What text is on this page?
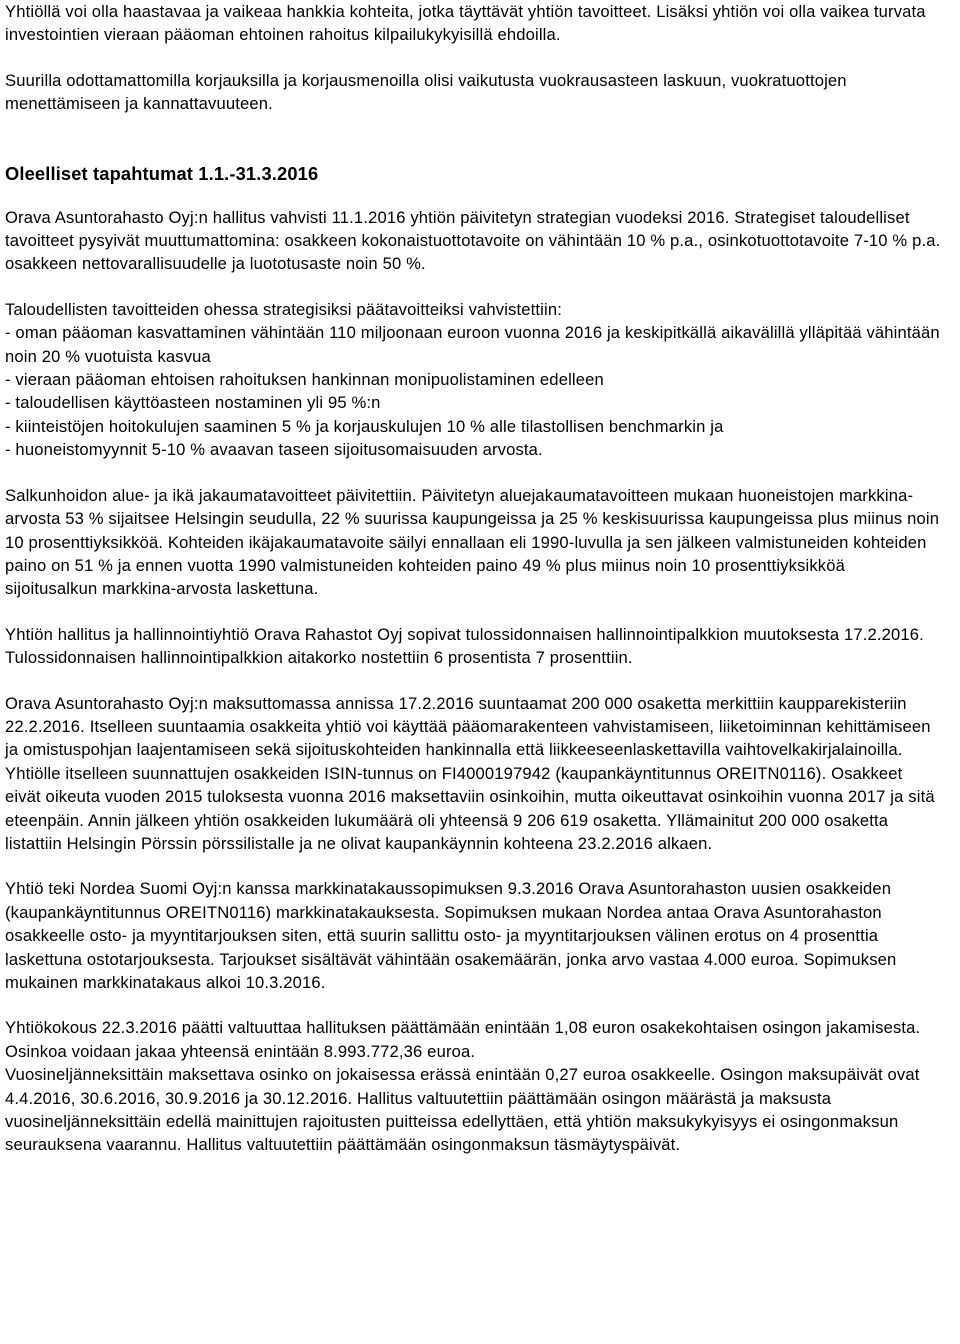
Yhtiöllä voi olla haastavaa ja vaikeaa hankkia kohteita, jotka täyttävät yhtiön tavoitteet. Lisäksi yhtiön voi olla vaikea turvata investointien vieraan pääoman ehtoinen rahoitus kilpailukykyisillä ehdoilla.

Suurilla odottamattomilla korjauksilla ja korjausmenoilla olisi vaikutusta vuokrausasteen laskuun, vuokratuottojen menettämiseen ja kannattavuuteen.

Oleelliset tapahtumat 1.1.-31.3.2016

Orava Asuntorahasto Oyj:n hallitus vahvisti 11.1.2016 yhtiön päivitetyn strategian vuodeksi 2016. Strategiset taloudelliset tavoitteet pysyivät muuttumattomina: osakkeen kokonaistuottotavoite on vähintään 10 % p.a., osinkotuottotavoite 7-10 % p.a. osakkeen nettovarallisuudelle ja luototusaste noin 50 %.

Taloudellisten tavoitteiden ohessa strategisiksi päätavoitteiksi vahvistettiin:
- oman pääoman kasvattaminen vähintään 110 miljoonaan euroon vuonna 2016 ja keskipitkällä aikavälillä ylläpitää vähintään noin 20 % vuotuista kasvua
- vieraan pääoman ehtoisen rahoituksen hankinnan monipuolistaminen edelleen
- taloudellisen käyttöasteen nostaminen yli 95 %:n
- kiinteistöjen hoitokulujen saaminen 5 % ja korjauskulujen 10 % alle tilastollisen benchmarkin ja
- huoneistomyynnit 5-10 % avaavan taseen sijoitusomaisuuden arvosta.

Salkunhoidon alue- ja ikä jakaumatavoitteet päivitettiin. Päivitetyn aluejakaumatavoitteen mukaan huoneistojen markkina-arvosta 53 % sijaitsee Helsingin seudulla, 22 % suurissa kaupungeissa ja 25 % keskisuurissa kaupungeissa plus miinus noin 10 prosenttiyksikköä. Kohteiden ikäjakaumatavoite säilyi ennallaan eli 1990-luvulla ja sen jälkeen valmistuneiden kohteiden paino on 51 % ja ennen vuotta 1990 valmistuneiden kohteiden paino 49 % plus miinus noin 10 prosenttiyksikköä sijoitusalkun markkina-arvosta laskettuna.

Yhtiön hallitus ja hallinnointiyhtiö Orava Rahastot Oyj sopivat tulossidonnaisen hallinnointipalkkion muutoksesta 17.2.2016. Tulossidonnaisen hallinnointipalkkion aitakorko nostettiin 6 prosentista 7 prosenttiin.

Orava Asuntorahasto Oyj:n maksuttomassa annissa 17.2.2016 suuntaamat 200 000 osaketta merkittiin kaupparekisteriin 22.2.2016. Itselleen suuntaamia osakkeita yhtiö voi käyttää pääomarakenteen vahvistamiseen, liiketoiminnan kehittämiseen ja omistuspohjan laajentamiseen sekä sijoituskohteiden hankinnalla että liikkeeseenlaskettavilla vaihtovelkakirjalainoilla. Yhtiölle itselleen suunnattujen osakkeiden ISIN-tunnus on FI4000197942 (kaupankäyntitunnus OREITN0116). Osakkeet eivät oikeuta vuoden 2015 tuloksesta vuonna 2016 maksettaviin osinkoihin, mutta oikeuttavat osinkoihin vuonna 2017 ja sitä eteenpäin. Annin jälkeen yhtiön osakkeiden lukumäärä oli yhteensä 9 206 619 osaketta. Yllämainitut 200 000 osaketta listattiin Helsingin Pörssin pörssilistalle ja ne olivat kaupankäynnin kohteena 23.2.2016 alkaen.

Yhtiö teki Nordea Suomi Oyj:n kanssa markkinatakaussopimuksen 9.3.2016 Orava Asuntorahaston uusien osakkeiden (kaupankäyntitunnus OREITN0116) markkinatakauksesta. Sopimuksen mukaan Nordea antaa Orava Asuntorahaston osakkeelle osto- ja myyntitarjouksen siten, että suurin sallittu osto- ja myyntitarjouksen välinen erotus on 4 prosenttia laskettuna ostotarjouksesta. Tarjoukset sisältävät vähintään osakemäärän, jonka arvo vastaa 4.000 euroa. Sopimuksen mukainen markkinatakaus alkoi 10.3.2016.

Yhtiökokous 22.3.2016 päätti valtuuttaa hallituksen päättämään enintään 1,08 euron osakekohtaisen osingon jakamisesta. Osinkoa voidaan jakaa yhteensä enintään 8.993.772,36 euroa.

Vuosineljänneksittäin maksettava osinko on jokaisessa erässä enintään 0,27 euroa osakkeelle. Osingon maksupäivät ovat 4.4.2016, 30.6.2016, 30.9.2016 ja 30.12.2016. Hallitus valtuutettiin päättämään osingon määrästä ja maksusta vuosineljänneksittäin edellä mainittujen rajoitusten puitteissa edellyttäen, että yhtiön maksukykyisyys ei osingonmaksun seurauksena vaarannu. Hallitus valtuutettiin päättämään osingonmaksun täsmäytyspäivät.
